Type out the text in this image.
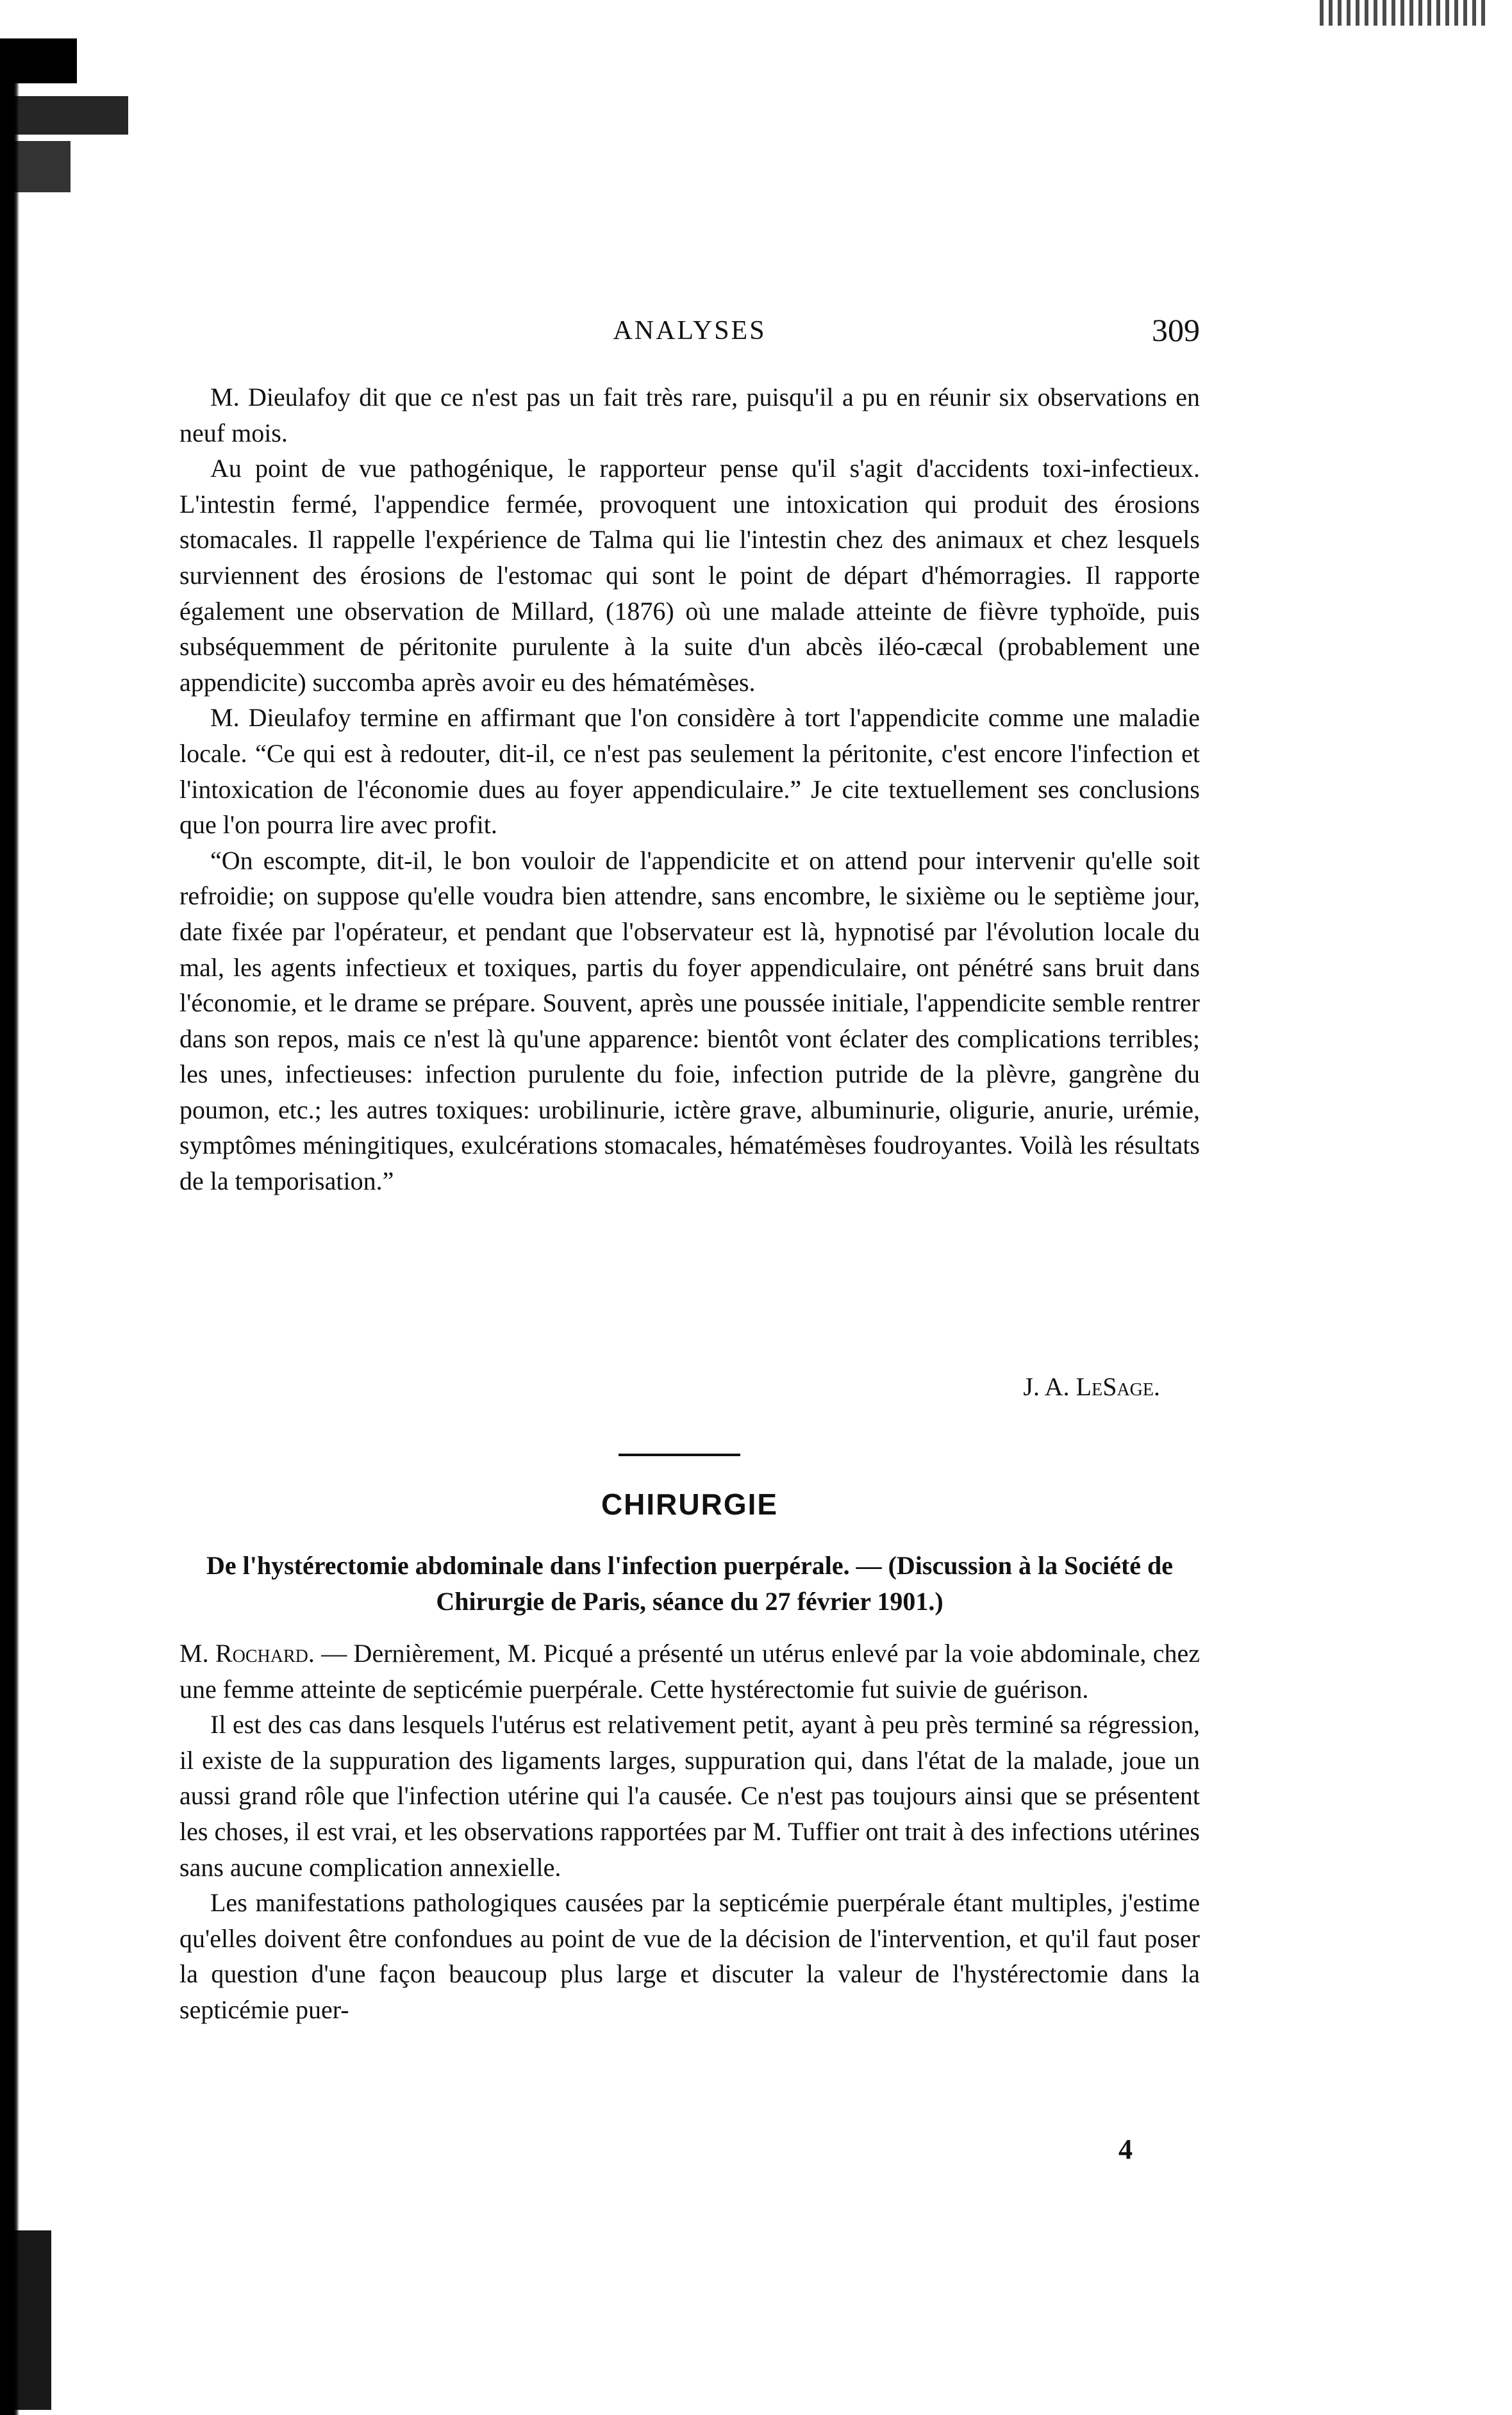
ANALYSES	309

M. Dieulafoy dit que ce n'est pas un fait très rare, puisqu'il a pu en réunir six observations en neuf mois.

Au point de vue pathogénique, le rapporteur pense qu'il s'agit d'accidents toxi-infectieux. L'intestin fermé, l'appendice fermée, provoquent une intoxication qui produit des érosions stomacales. Il rappelle l'expérience de Talma qui lie l'intestin chez des animaux et chez lesquels surviennent des érosions de l'estomac qui sont le point de départ d'hémorragies. Il rapporte également une observation de Millard, (1876) où une malade atteinte de fièvre typhoïde, puis subséquemment de péritonite purulente à la suite d'un abcès iléo-cæcal (probablement une appendicite) succomba après avoir eu des hématémèses.

M. Dieulafoy termine en affirmant que l'on considère à tort l'appendicite comme une maladie locale. “Ce qui est à redouter, dit-il, ce n'est pas seulement la péritonite, c'est encore l'infection et l'intoxication de l'économie dues au foyer appendiculaire.” Je cite textuellement ses conclusions que l'on pourra lire avec profit.

“On escompte, dit-il, le bon vouloir de l'appendicite et on attend pour intervenir qu'elle soit refroidie; on suppose qu'elle voudra bien attendre, sans encombre, le sixième ou le septième jour, date fixée par l'opérateur, et pendant que l'observateur est là, hypnotisé par l'évolution locale du mal, les agents infectieux et toxiques, partis du foyer appendiculaire, ont pénétré sans bruit dans l'économie, et le drame se prépare. Souvent, après une poussée initiale, l'appendicite semble rentrer dans son repos, mais ce n'est là qu'une apparence: bientôt vont éclater des complications terribles; les unes, infectieuses: infection purulente du foie, infection putride de la plèvre, gangrène du poumon, etc.; les autres toxiques: urobilinurie, ictère grave, albuminurie, oligurie, anurie, urémie, symptômes méningitiques, exulcérations stomacales, hématémèses foudroyantes. Voilà les résultats de la temporisation.”

J. A. LeSage.
CHIRURGIE
De l'hystérectomie abdominale dans l'infection puerpérale. — (Discussion à la Société de Chirurgie de Paris, séance du 27 février 1901.)

M. Rochard. — Dernièrement, M. Picqué a présenté un utérus enlevé par la voie abdominale, chez une femme atteinte de septicémie puerpérale. Cette hystérectomie fut suivie de guérison.

Il est des cas dans lesquels l'utérus est relativement petit, ayant à peu près terminé sa régression, il existe de la suppuration des ligaments larges, suppuration qui, dans l'état de la malade, joue un aussi grand rôle que l'infection utérine qui l'a causée. Ce n'est pas toujours ainsi que se présentent les choses, il est vrai, et les observations rapportées par M. Tuffier ont trait à des infections utérines sans aucune complication annexielle.

Les manifestations pathologiques causées par la septicémie puerpérale étant multiples, j'estime qu'elles doivent être confondues au point de vue de la décision de l'intervention, et qu'il faut poser la question d'une façon beaucoup plus large et discuter la valeur de l'hystérectomie dans la septicémie puer-

4
